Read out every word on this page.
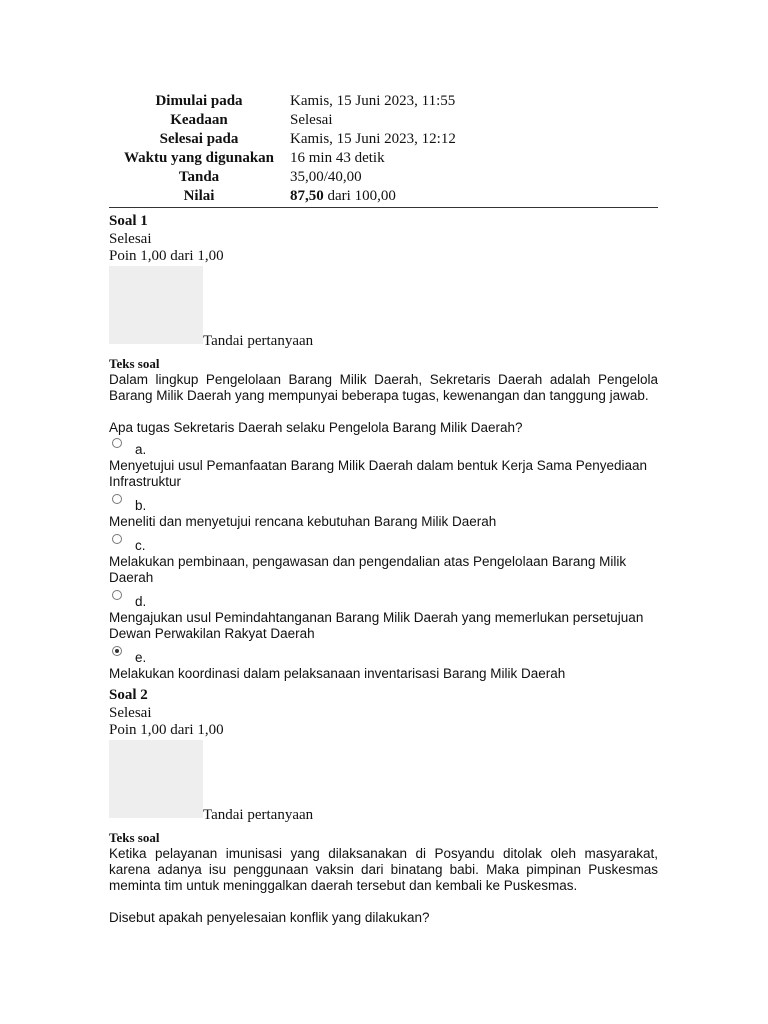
Dimulai pada	Kamis, 15 Juni 2023, 11:55
Keadaan	Selesai
Selesai pada	Kamis, 15 Juni 2023, 12:12
Waktu yang digunakan	16 min 43 detik
Tanda	35,00/40,00
Nilai	87,50 dari 100,00
Soal 1
Selesai
Poin 1,00 dari 1,00
Tandai pertanyaan
Teks soal

Dalam lingkup Pengelolaan Barang Milik Daerah, Sekretaris Daerah adalah Pengelola Barang Milik Daerah yang mempunyai beberapa tugas, kewenangan dan tanggung jawab.

Apa tugas Sekretaris Daerah selaku Pengelola Barang Milik Daerah?
a.
Menyetujui usul Pemanfaatan Barang Milik Daerah dalam bentuk Kerja Sama Penyediaan Infrastruktur
b.
Meneliti dan menyetujui rencana kebutuhan Barang Milik Daerah
c.
Melakukan pembinaan, pengawasan dan pengendalian atas Pengelolaan Barang Milik Daerah
d.
Mengajukan usul Pemindahtanganan Barang Milik Daerah yang memerlukan persetujuan Dewan Perwakilan Rakyat Daerah
e.
Melakukan koordinasi dalam pelaksanaan inventarisasi Barang Milik Daerah
Soal 2
Selesai
Poin 1,00 dari 1,00
Tandai pertanyaan
Teks soal

Ketika pelayanan imunisasi yang dilaksanakan di Posyandu ditolak oleh masyarakat, karena adanya isu penggunaan vaksin dari binatang babi. Maka pimpinan Puskesmas meminta tim untuk meninggalkan daerah tersebut dan kembali ke Puskesmas.

Disebut apakah penyelesaian konflik yang dilakukan?
